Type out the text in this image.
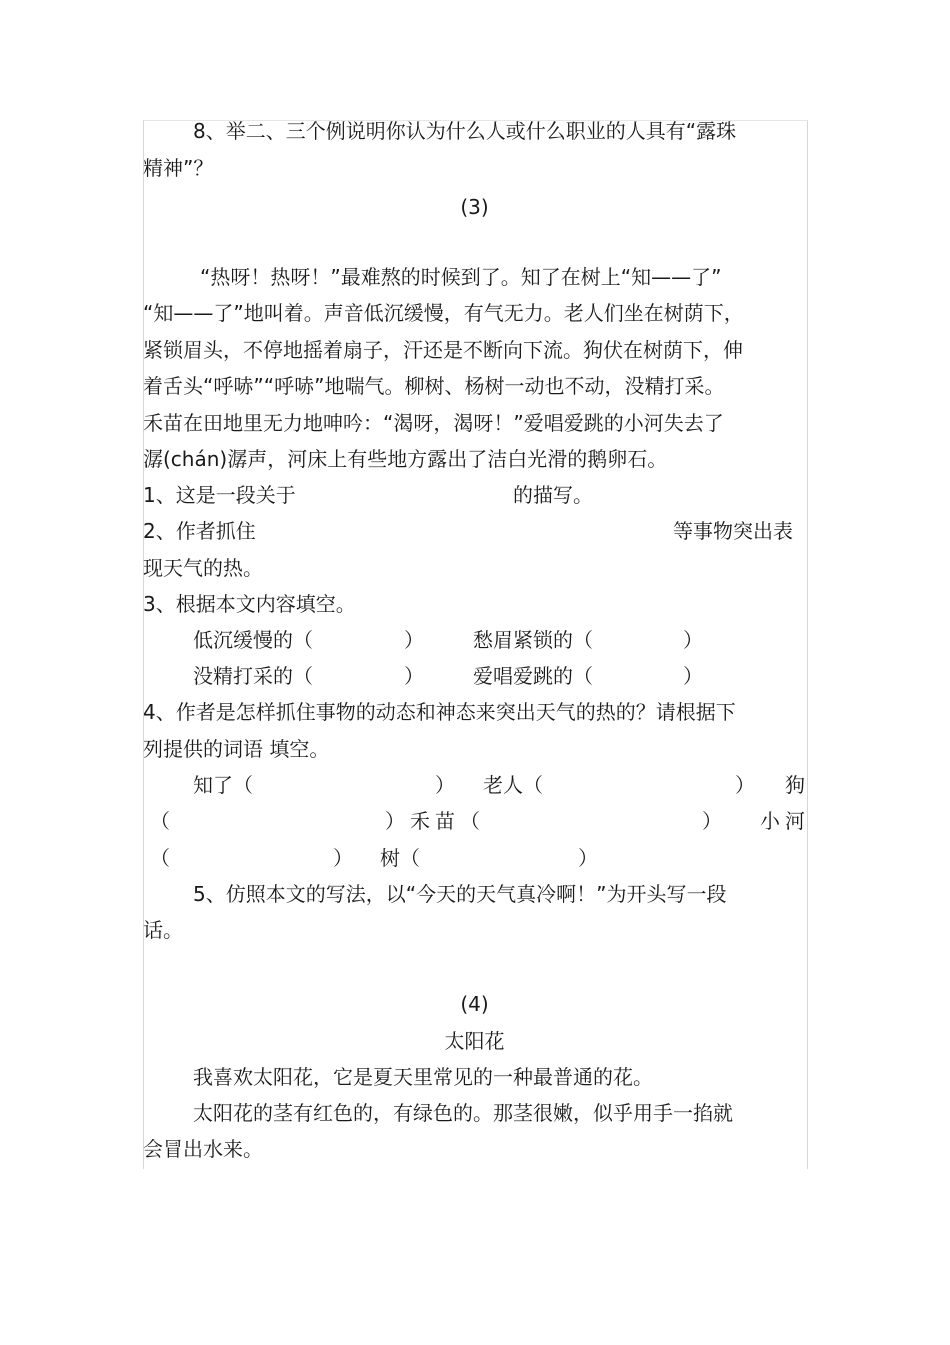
8、举二、三个例说明你认为什么人或什么职业的人具有“露珠
精神”？
(3)
“热呀！热呀！”最难熬的时候到了。知了在树上“知——了”
“知——了”地叫着。声音低沉缓慢，有气无力。老人们坐在树荫下，
紧锁眉头，不停地摇着扇子，汗还是不断向下流。狗伏在树荫下，伸
着舌头“呼哧”“呼哧”地喘气。柳树、杨树一动也不动，没精打采。
禾苗在田地里无力地呻吟：“渴呀，渴呀！”爱唱爱跳的小河失去了
潺(chán)潺声，河床上有些地方露出了洁白光滑的鹅卵石。
1、这是一段关于	的描写。
2、作者抓住	等事物突出表
现天气的热。
3、根据本文内容填空。
低沉缓慢的（	） 愁眉紧锁的（	）
没精打采的（	） 爱唱爱跳的（	）
4、作者是怎样抓住事物的动态和神态来突出天气的热的？请根据下
列提供的词语 填空。
知了（	） 老人（	） 狗
（	）禾苗（	） 小河
（	） 树（	）
5、仿照本文的写法，以“今天的天气真冷啊！”为开头写一段
话。
(4)
太阳花
我喜欢太阳花，它是夏天里常见的一种最普通的花。
太阳花的茎有红色的，有绿色的。那茎很嫩，似乎用手一掐就
会冒出水来。
